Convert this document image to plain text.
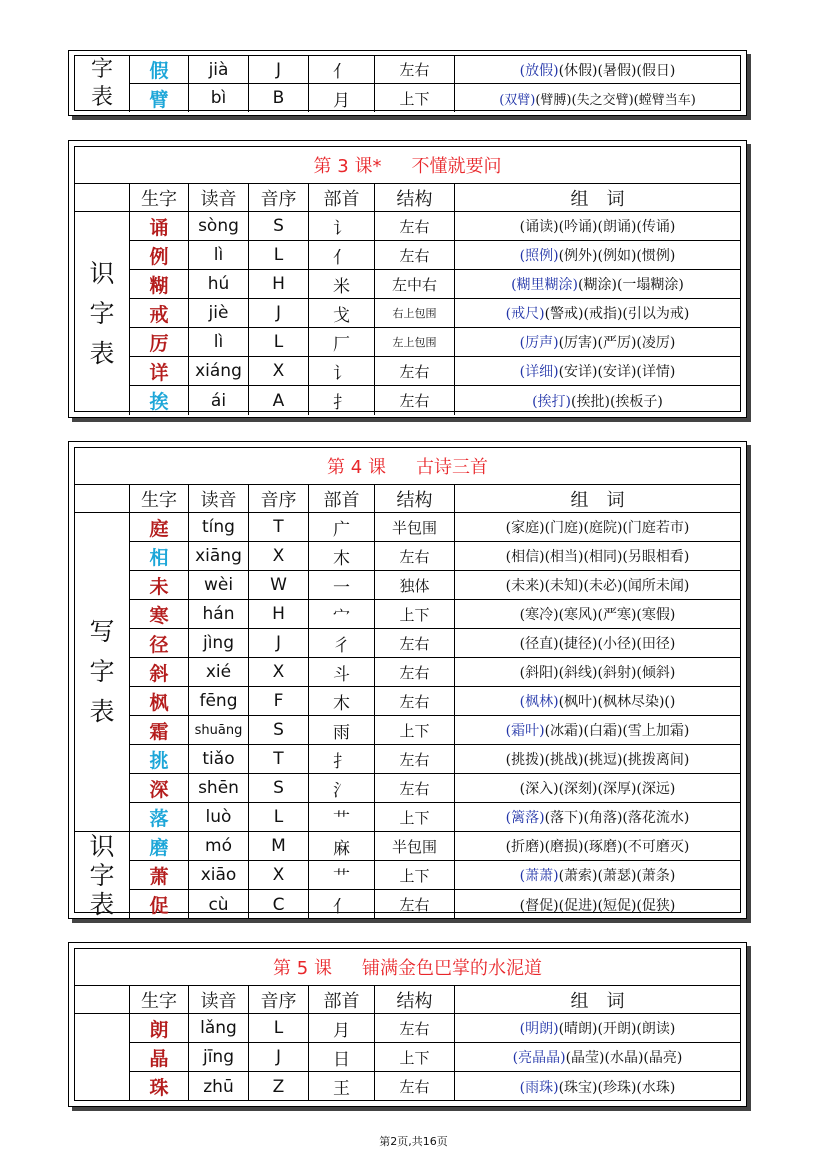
字
表
假	jià	J	亻	左右	(放假) (休假)(暑假)(假日)
臂	bì	B	月	上下	(双臂) (臂膊)(失之交臂)(螳臂当车)
第 3 课* 不懂就要问
生字	读音	音序	部首	结构	组　词
识
字
表
诵	sòng	S	讠	左右	(诵读)(吟诵)(朗诵)(传诵)
例	lì	L	亻	左右	(照例) (例外)(例如)(惯例)
糊	hú	H	米	左中右	(糊里糊涂) (糊涂)(一塌糊涂)
戒	jiè	J	戈	右上包围	(戒尺) (警戒)(戒指)(引以为戒)
厉	lì	L	厂	左上包围	(厉声) (厉害)(严厉)(凌厉)
详	xiáng	X	讠	左右	(详细) (安详)(安详)(详情)
挨	ái	A	扌	左右	(挨打) (挨批)(挨板子)
第 4 课 古诗三首
生字	读音	音序	部首	结构	组　词
写
字
表
庭	tíng	T	广	半包围	(家庭)(门庭)(庭院)(门庭若市)
相	xiāng	X	木	左右	(相信)(相当)(相同)(另眼相看)
未	wèi	W	一	独体	(未来)(未知)(未必)(闻所未闻)
寒	hán	H	宀	上下	(寒冷)(寒风)(严寒)(寒假)
径	jìng	J	彳	左右	(径直)(捷径)(小径)(田径)
斜	xié	X	斗	左右	(斜阳)(斜线)(斜射)(倾斜)
枫	fēng	F	木	左右	(枫林) (枫叶)(枫林尽染)()
霜	shuāng	S	雨	上下	(霜叶) (冰霜)(白霜)(雪上加霜)
挑	tiǎo	T	扌	左右	(挑拨)(挑战)(挑逗)(挑拨离间)
深	shēn	S	氵	左右	(深入)(深刻)(深厚)(深远)
落	luò	L	艹	上下	(篱落) (落下)(角落)(落花流水)
识
字
表
磨	mó	M	麻	半包围	(折磨)(磨损)(琢磨)(不可磨灭)
萧	xiāo	X	艹	上下	(萧萧) (萧索)(萧瑟)(萧条)
促	cù	C	亻	左右	(督促)(促进)(短促)(促狭)
第 5 课 铺满金色巴掌的水泥道
生字	读音	音序	部首	结构	组　词
朗	lǎng	L	月	左右	(明朗) (晴朗)(开朗)(朗读)
晶	jīng	J	日	上下	(亮晶晶) (晶莹)(水晶)(晶亮)
珠	zhū	Z	王	左右	(雨珠) (珠宝)(珍珠)(水珠)
第2页,共16页
